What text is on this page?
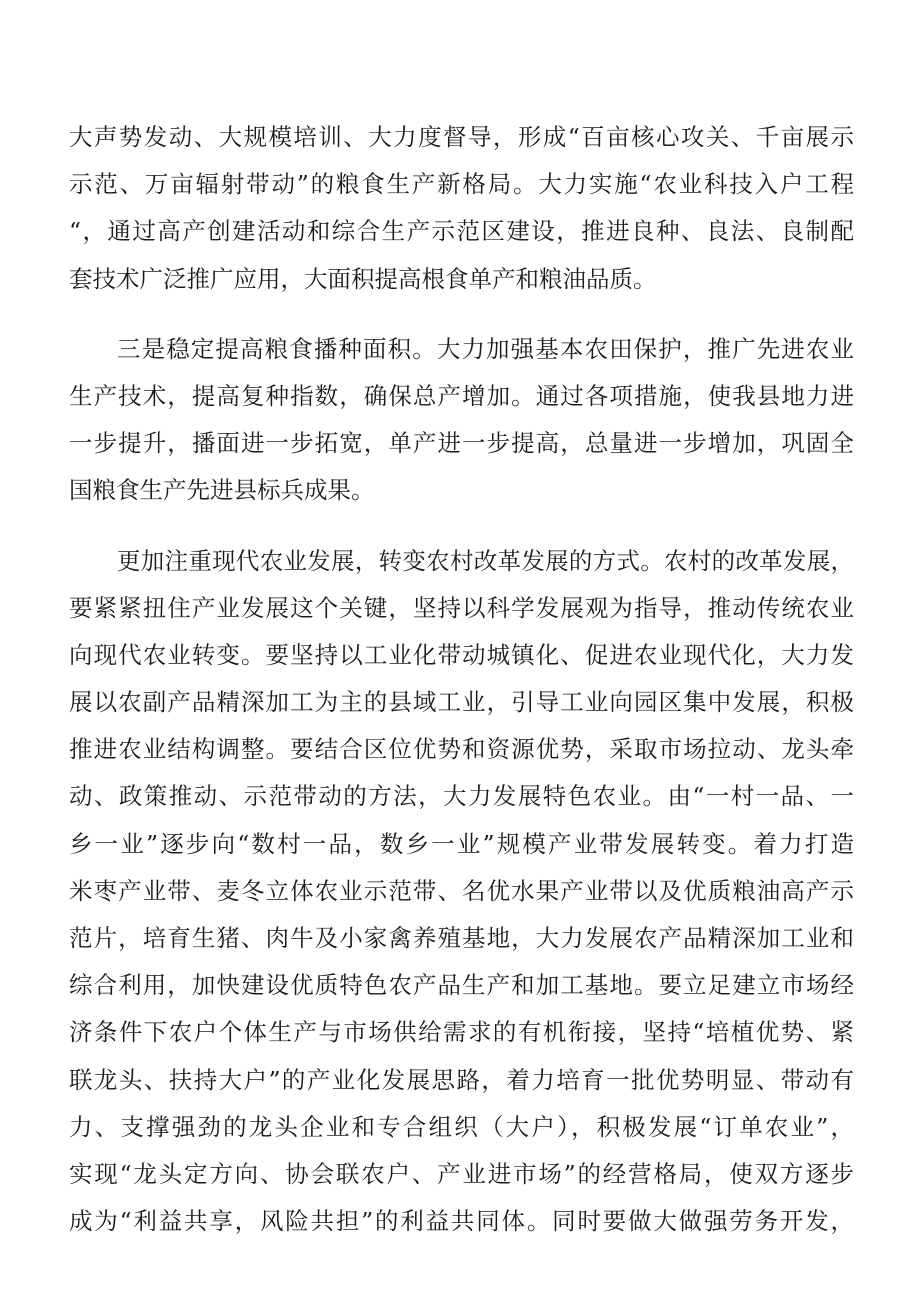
大声势发动、大规模培训、大力度督导，形成“百亩核心攻关、千亩展示
示范、万亩辐射带动”的粮食生产新格局。大力实施“农业科技入户工程
“，通过高产创建活动和综合生产示范区建设，推进良种、良法、良制配
套技术广泛推广应用，大面积提高根食单产和粮油品质。
三是稳定提高粮食播种面积。大力加强基本农田保护，推广先进农业
生产技术，提高复种指数，确保总产增加。通过各项措施，使我县地力进
一步提升，播面进一步拓宽，单产进一步提高，总量进一步增加，巩固全
国粮食生产先进县标兵成果。
更加注重现代农业发展，转变农村改革发展的方式。农村的改革发展，
要紧紧扭住产业发展这个关键，坚持以科学发展观为指导，推动传统农业
向现代农业转变。要坚持以工业化带动城镇化、促进农业现代化，大力发
展以农副产品精深加工为主的县域工业，引导工业向园区集中发展，积极
推进农业结构调整。要结合区位优势和资源优势，采取市场拉动、龙头牵
动、政策推动、示范带动的方法，大力发展特色农业。由“一村一品、一
乡一业”逐步向“数村一品，数乡一业”规模产业带发展转变。着力打造
米枣产业带、麦冬立体农业示范带、名优水果产业带以及优质粮油高产示
范片，培育生猪、肉牛及小家禽养殖基地，大力发展农产品精深加工业和
综合利用，加快建设优质特色农产品生产和加工基地。要立足建立市场经
济条件下农户个体生产与市场供给需求的有机衔接，坚持“培植优势、紧
联龙头、扶持大户”的产业化发展思路，着力培育一批优势明显、带动有
力、支撑强劲的龙头企业和专合组织（大户），积极发展“订单农业”，
实现“龙头定方向、协会联农户、产业进市场”的经营格局，使双方逐步
成为“利益共享，风险共担”的利益共同体。同时要做大做强劳务开发，
